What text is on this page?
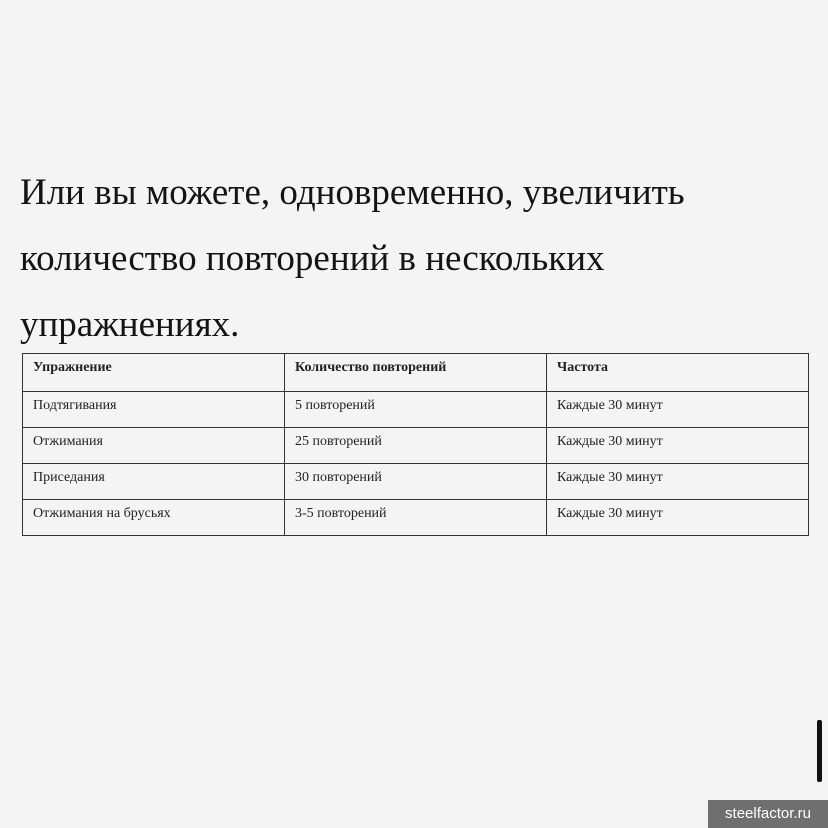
Или вы можете, одновременно, увеличить количество повторений в нескольких упражнениях.

Упражнение	Количество повторений	Частота
Подтягивания	5 повторений	Каждые 30 минут
Отжимания	25 повторений	Каждые 30 минут
Приседания	30 повторений	Каждые 30 минут
Отжимания на брусьях	3-5 повторений	Каждые 30 минут
steelfactor.ru
